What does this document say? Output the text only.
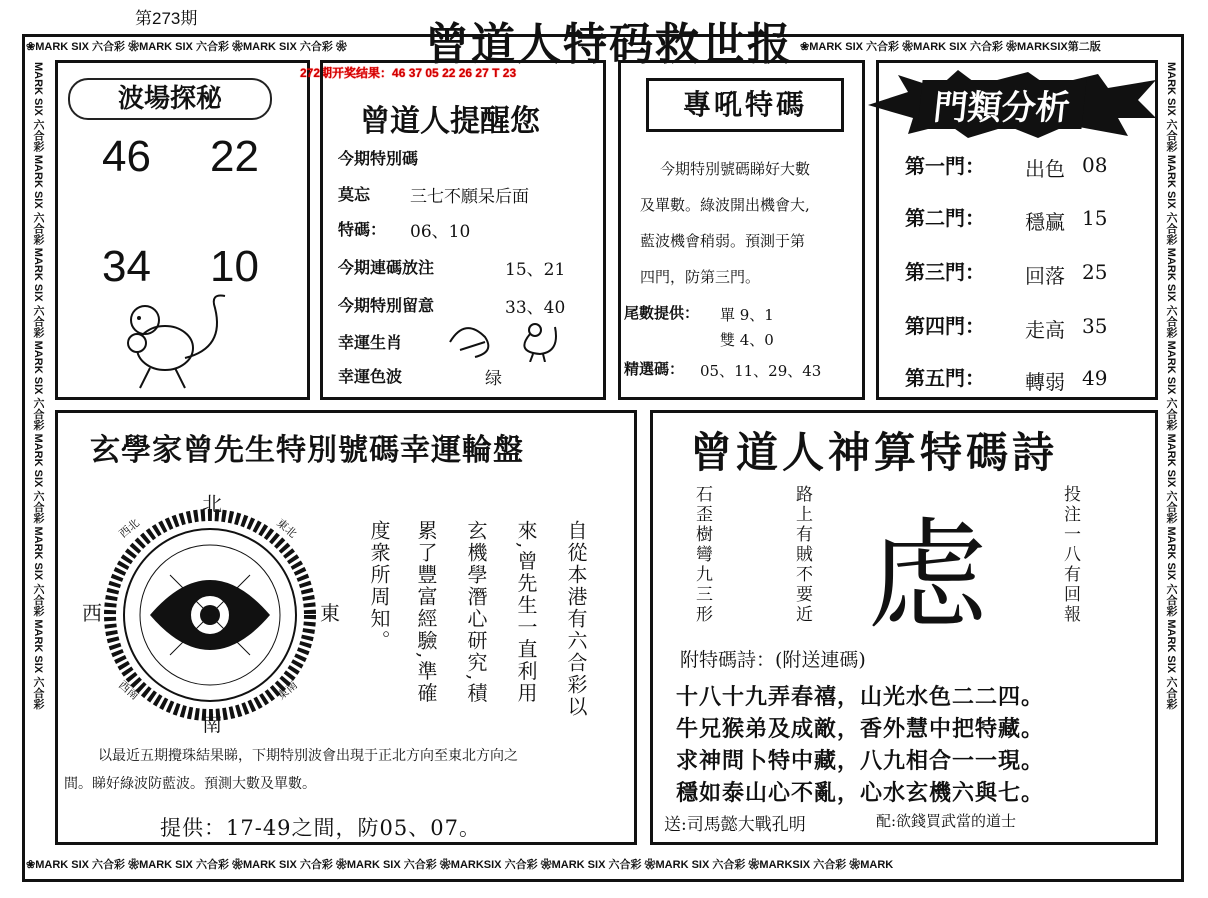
第273期
曾道人特码救世报
❀MARK SIX 六合彩 ❀MARK SIX 六合彩 ❀MARK SIX 六合彩 ❀	❀MARK SIX 六合彩 ❀MARK SIX 六合彩 ❀MARKSIX第二版
❀MARK SIX 六合彩 ❀MARK SIX 六合彩 ❀MARK SIX 六合彩 ❀MARK SIX 六合彩 ❀MARKSIX 六合彩 ❀MARK SIX 六合彩 ❀MARK SIX 六合彩 ❀MARKSIX 六合彩 ❀MARK
MARK SIX 六合彩 MARK SIX 六合彩 MARK SIX 六合彩 MARK SIX 六合彩 MARK SIX 六合彩 MARK SIX 六合彩 MARK SIX 六合彩	MARK SIX 六合彩 MARK SIX 六合彩 MARK SIX 六合彩 MARK SIX 六合彩 MARK SIX 六合彩 MARK SIX 六合彩 MARK SIX 六合彩
波場探秘
46 22
34 10
272期开奖结果：46 37 05 22 26 27 T 23
曾道人提醒您
今期特別碼
莫忘 三七不願呆后面
特碼： 06、10
今期連碼放注	15、21
今期特別留意	33、40
幸運生肖
幸運色波	绿
專吼特碼
今期特別號碼睇好大數
及單數。綠波開出機會大,
藍波機會稍弱。預測于第
四門，防第三門。
尾數提供： 單 9、1
雙 4、0
精選碼： 05、11、29、43
門類分析
第一門： 出色 08
第二門： 穩赢 15
第三門： 回落 25
第四門： 走高 35
第五門： 轉弱 49
玄學家曾先生特別號碼幸運輪盤
北
南
東
西
西北	東北
西南	東南	自從本港有六合彩以
來,曾先生一直利用
玄機學潛心研究,積
累了豐富經驗,準確
度衆所周知。
以最近五期攪珠結果睇，下期特別波會出現于正北方向至東北方向之
間。睇好綠波防藍波。預測大數及單數。
提供：17-49之間，防05、07。
曾道人神算特碼詩
石歪樹彎九三形	路上有賊不要近	投注一八有回報
虑
附特碼詩：(附送連碼)
十八十九弄春禧，山光水色二二四。
牛兄猴弟及成敵，香外慧中把特藏。
求神問卜特中藏，八九相合一一現。
穩如泰山心不亂，心水玄機六與七。
送:司馬懿大戰孔明	配:欲錢買武當的道士
